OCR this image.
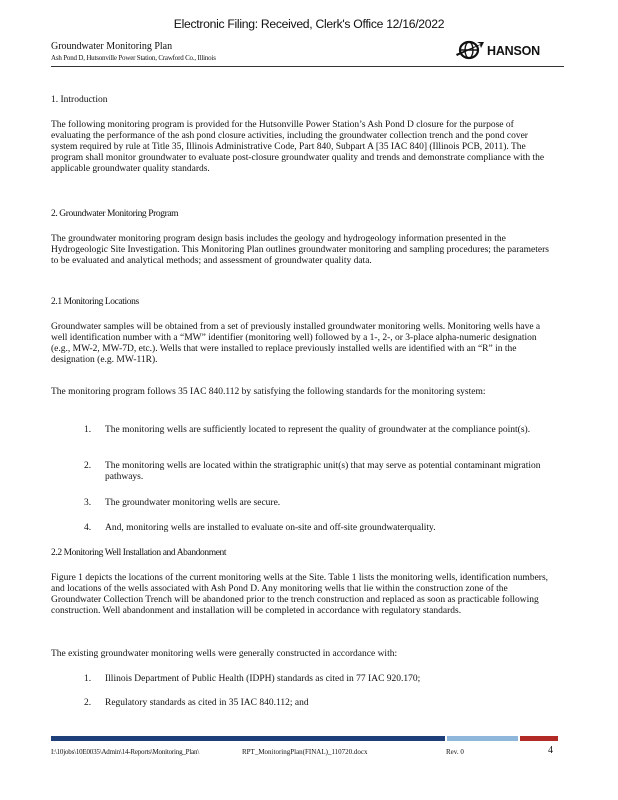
Electronic Filing: Received, Clerk's Office 12/16/2022
Groundwater Monitoring Plan
Ash Pond D, Hutsonville Power Station, Crawford Co., Illinois	HANSON
1. Introduction
The following monitoring program is provided for the Hutsonville Power Station’s Ash Pond D closure for the purpose of evaluating the performance of the ash pond closure activities, including the groundwater collection trench and the pond cover system required by rule at Title 35, Illinois Administrative Code, Part 840, Subpart A [35 IAC 840] (Illinois PCB, 2011). The program shall monitor groundwater to evaluate post-closure groundwater quality and trends and demonstrate compliance with the applicable groundwater quality standards.
2. Groundwater Monitoring Program
The groundwater monitoring program design basis includes the geology and hydrogeology information presented in the Hydrogeologic Site Investigation. This Monitoring Plan outlines groundwater monitoring and sampling procedures; the parameters to be evaluated and analytical methods; and assessment of groundwater quality data.
2.1 Monitoring Locations
Groundwater samples will be obtained from a set of previously installed groundwater monitoring wells. Monitoring wells have a well identification number with a “MW” identifier (monitoring well) followed by a 1-, 2-, or 3-place alpha-numeric designation (e.g., MW-2, MW-7D, etc.). Wells that were installed to replace previously installed wells are identified with an “R” in the designation (e.g. MW-11R).
The monitoring program follows 35 IAC 840.112 by satisfying the following standards for the monitoring system:
1. The monitoring wells are sufficiently located to represent the quality of groundwater at the compliance point(s).
2. The monitoring wells are located within the stratigraphic unit(s) that may serve as potential contaminant migration pathways.
3. The groundwater monitoring wells are secure.
4. And, monitoring wells are installed to evaluate on-site and off-site groundwaterquality.
2.2 Monitoring Well Installation and Abandonment
Figure 1 depicts the locations of the current monitoring wells at the Site. Table 1 lists the monitoring wells, identification numbers, and locations of the wells associated with Ash Pond D. Any monitoring wells that lie within the construction zone of the Groundwater Collection Trench will be abandoned prior to the trench construction and replaced as soon as practicable following construction. Well abandonment and installation will be completed in accordance with regulatory standards.
The existing groundwater monitoring wells were generally constructed in accordance with:
1. Illinois Department of Public Health (IDPH) standards as cited in 77 IAC 920.170;
2. Regulatory standards as cited in 35 IAC 840.112; and
I:\10jobs\10E0035\Admin\14-Reports\Monitoring_Plan\	RPT_MonitoringPlan(FINAL)_110720.docx	Rev. 0	4
